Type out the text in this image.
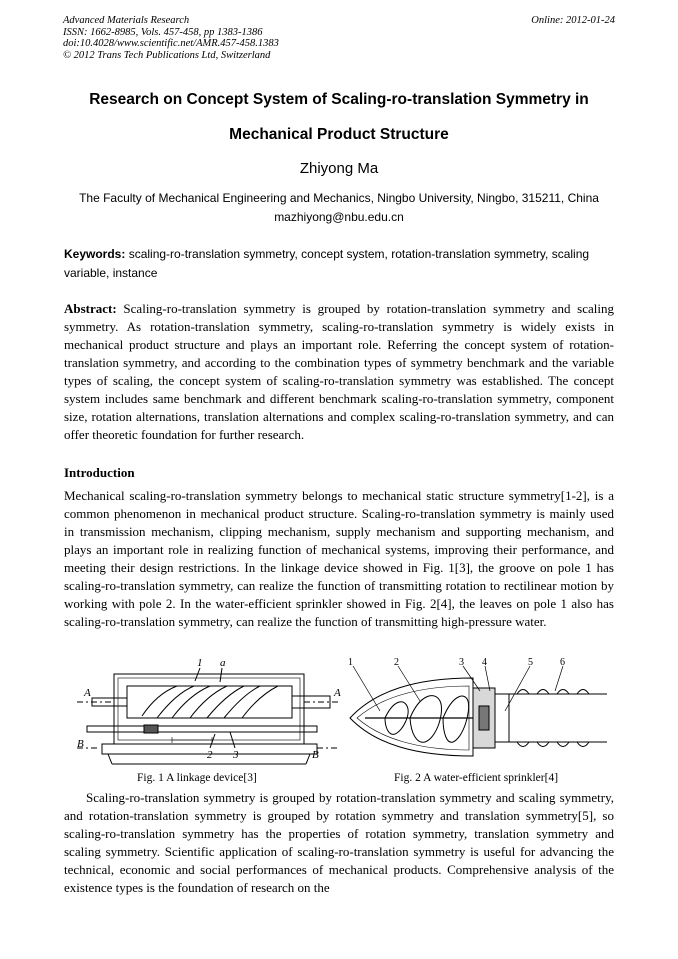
Advanced Materials Research
ISSN: 1662-8985, Vols. 457-458, pp 1383-1386
doi:10.4028/www.scientific.net/AMR.457-458.1383
© 2012 Trans Tech Publications Ltd, Switzerland
Online: 2012-01-24
Research on Concept System of Scaling-ro-translation Symmetry in
Mechanical Product Structure
Zhiyong Ma
The Faculty of Mechanical Engineering and Mechanics, Ningbo University, Ningbo, 315211, China
mazhiyong@nbu.edu.cn
Keywords: scaling-ro-translation symmetry, concept system, rotation-translation symmetry, scaling variable, instance
Abstract: Scaling-ro-translation symmetry is grouped by rotation-translation symmetry and scaling symmetry. As rotation-translation symmetry, scaling-ro-translation symmetry is widely exists in mechanical product structure and plays an important role. Referring the concept system of rotation-translation symmetry, and according to the combination types of symmetry benchmark and the variable types of scaling, the concept system of scaling-ro-translation symmetry was established. The concept system includes same benchmark and different benchmark scaling-ro-translation symmetry, component size, rotation alternations, translation alternations and complex scaling-ro-translation symmetry, and can offer theoretic foundation for further research.
Introduction
Mechanical scaling-ro-translation symmetry belongs to mechanical static structure symmetry[1-2], is a common phenomenon in mechanical product structure. Scaling-ro-translation symmetry is mainly used in transmission mechanism, clipping mechanism, supply mechanism and supporting mechanism, and plays an important role in realizing function of mechanical systems, improving their performance, and meeting their design restrictions. In the linkage device showed in Fig. 1[3], the groove on pole 1 has scaling-ro-translation symmetry, can realize the function of transmitting rotation to rectilinear motion by working with pole 2. In the water-efficient sprinkler showed in Fig. 2[4], the leaves on pole 1 also has scaling-ro-translation symmetry, can realize the function of transmitting high-pressure water.
1 a
2 3
A	A
B
B
1	2	3 4	5	6
Fig. 1 A linkage device[3]	Fig. 2 A water-efficient sprinkler[4]
Scaling-ro-translation symmetry is grouped by rotation-translation symmetry and scaling symmetry, and rotation-translation symmetry is grouped by rotation symmetry and translation symmetry[5], so scaling-ro-translation symmetry has the properties of rotation symmetry, translation symmetry and scaling symmetry. Scientific application of scaling-ro-translation symmetry is useful for advancing the technical, economic and social performances of mechanical products. Comprehensive analysis of the existence types is the foundation of research on the
